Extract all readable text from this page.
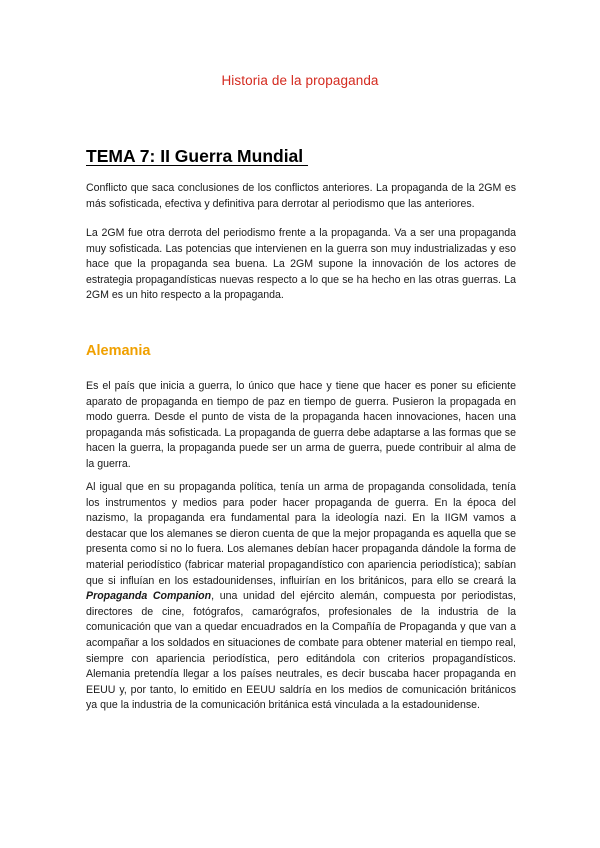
Historia de la propaganda
TEMA 7: II Guerra Mundial

Conflicto que saca conclusiones de los conflictos anteriores. La propaganda de la 2GM es más sofisticada, efectiva y definitiva para derrotar al periodismo que las anteriores.

La 2GM fue otra derrota del periodismo frente a la propaganda. Va a ser una propaganda muy sofisticada. Las potencias que intervienen en la guerra son muy industrializadas y eso hace que la propaganda sea buena. La 2GM supone la innovación de los actores de estrategia propagandísticas nuevas respecto a lo que se ha hecho en las otras guerras. La 2GM es un hito respecto a la propaganda.

Alemania

Es el país que inicia a guerra, lo único que hace y tiene que hacer es poner su eficiente aparato de propaganda en tiempo de paz en tiempo de guerra. Pusieron la propagada en modo guerra. Desde el punto de vista de la propaganda hacen innovaciones, hacen una propaganda más sofisticada. La propaganda de guerra debe adaptarse a las formas que se hacen la guerra, la propaganda puede ser un arma de guerra, puede contribuir al alma de la guerra.

Al igual que en su propaganda política, tenía un arma de propaganda consolidada, tenía los instrumentos y medios para poder hacer propaganda de guerra. En la época del nazismo, la propaganda era fundamental para la ideología nazi. En la IIGM vamos a destacar que los alemanes se dieron cuenta de que la mejor propaganda es aquella que se presenta como si no lo fuera. Los alemanes debían hacer propaganda dándole la forma de material periodístico (fabricar material propagandístico con apariencia periodística); sabían que si influían en los estadounidenses, influirían en los británicos, para ello se creará la Propaganda Companion, una unidad del ejército alemán, compuesta por periodistas, directores de cine, fotógrafos, camarógrafos, profesionales de la industria de la comunicación que van a quedar encuadrados en la Compañía de Propaganda y que van a acompañar a los soldados en situaciones de combate para obtener material en tiempo real, siempre con apariencia periodística, pero editándola con criterios propagandísticos. Alemania pretendía llegar a los países neutrales, es decir buscaba hacer propaganda en EEUU y, por tanto, lo emitido en EEUU saldría en los medios de comunicación británicos ya que la industria de la comunicación británica está vinculada a la estadounidense.
